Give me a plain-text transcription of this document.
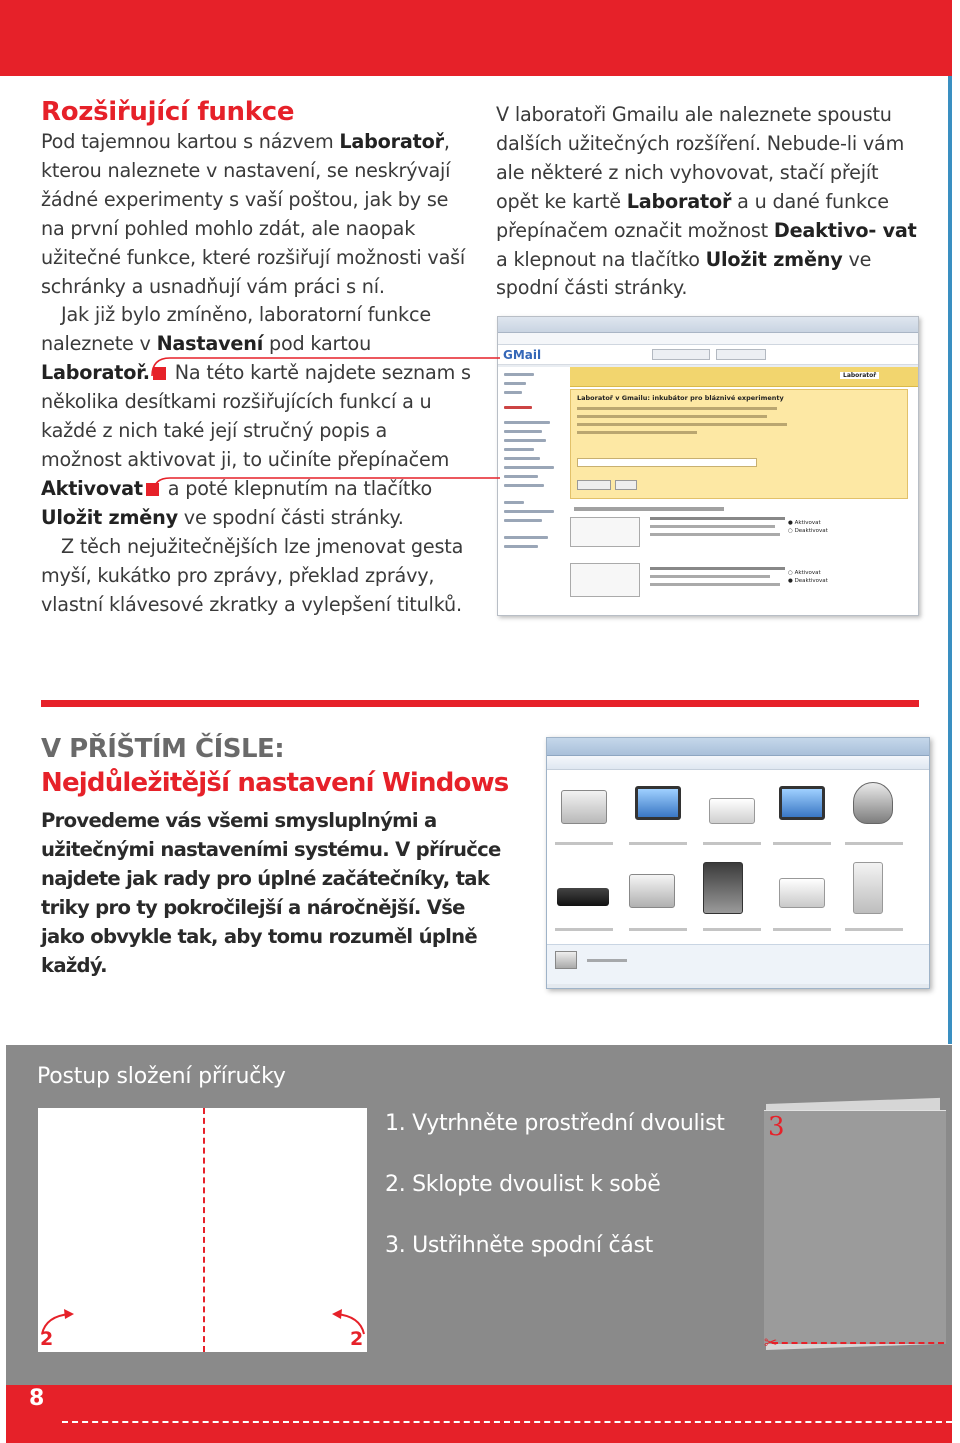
Rozšiřující funkce
Pod tajemnou kartou s názvem Laboratoř, kterou naleznete v nastavení, se neskrývají žádné experimenty s vaší poštou, jak by se na první pohled mohlo zdát, ale naopak užitečné funkce, které rozšiřují možnosti vaší schránky a usnadňují vám práci s ní.
Jak již bylo zmíněno, laboratorní funkce naleznete v Nastavení pod kartou Laboratoř. Na této kartě najdete seznam s několika desítkami rozšiřujících funkcí a u každé z nich také její stručný popis a možnost aktivovat ji, to učiníte přepínačem Aktivovat a poté klepnutím na tlačítko Uložit změny ve spodní části stránky.
Z těch nejužitečnějších lze jmenovat gesta myší, kukátko pro zprávy, překlad zprávy, vlastní klávesové zkratky a vylepšení titulků.
V laboratoři Gmailu ale naleznete spoustu dalších užitečných rozšíření. Nebude-li vám ale některé z nich vyhovovat, stačí přejít opět ke kartě Laboratoř a u dané funkce přepínačem označit možnost Deaktivo- vat a klepnout na tlačítko Uložit změny ve spodní části stránky.
GMail
Laboratoř
Laboratoř v Gmailu: inkubátor pro bláznivé experimenty
● Aktivovat
○ Deaktivovat
○ Aktivovat
● Deaktivovat
V PŘÍŠTÍM ČÍSLE:
Nejdůležitější nastavení Windows
Provedeme vás všemi smysluplnými a užitečnými nastaveními systému. V příručce najdete jak rady pro úplné začátečníky, tak triky pro ty pokročilejší a náročnější. Vše jako obvykle tak, aby tomu rozuměl úplně každý.
Postup složení příručky
2	2
1. Vytrhněte prostřední dvoulist
2. Sklopte dvoulist k sobě
3. Ustřihněte spodní část
3
✂
8
